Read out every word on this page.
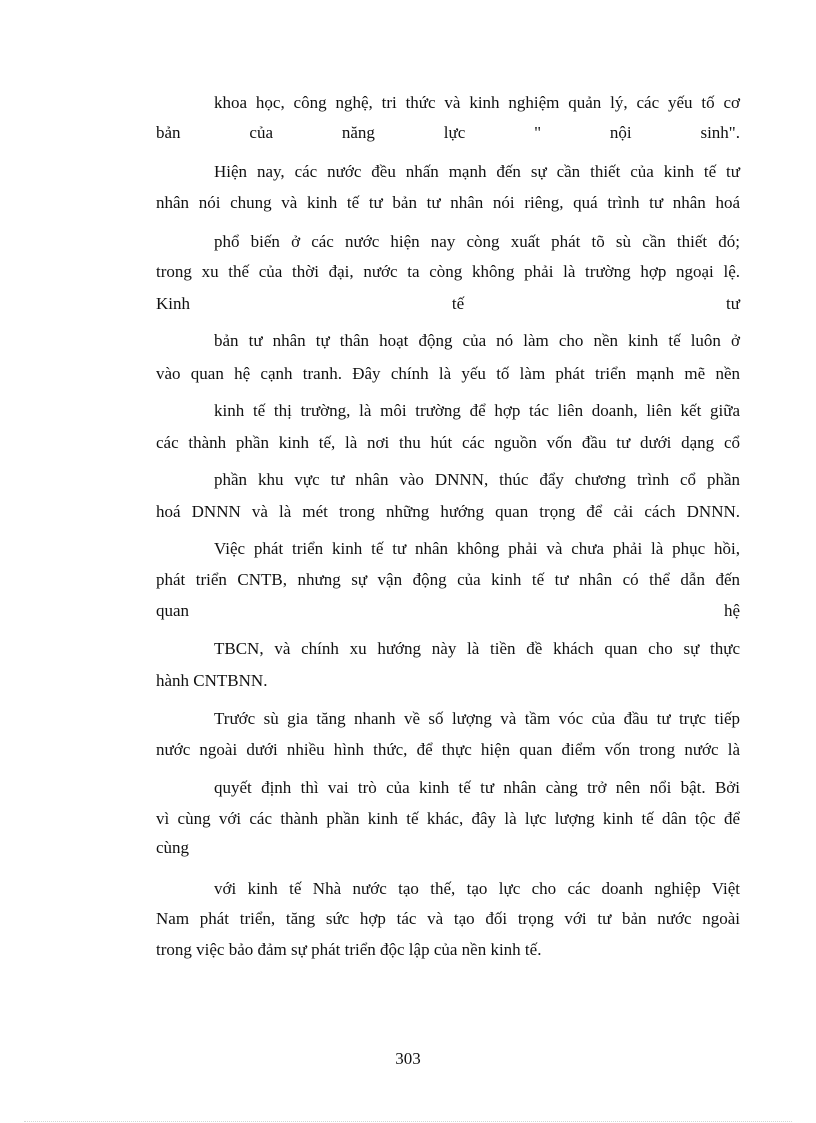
khoa học, công nghệ, tri thức và kinh nghiệm quản lý, các yếu tố cơ
bản của năng lực " nội sinh".
Hiện nay, các nước đều nhấn mạnh đến sự cần thiết của kinh tế tư
nhân nói chung và kinh tế tư bản tư nhân nói riêng, quá trình tư nhân hoá
phổ biến ở các nước hiện nay còng xuất phát tõ sù cần thiết đó;
trong xu thế của thời đại, nước ta còng không phải là trường hợp ngoại lệ.
Kinh tế tư
bản tư nhân tự thân hoạt động của nó làm cho nền kinh tế luôn ở
vào quan hệ cạnh tranh. Đây chính là yếu tố làm phát triển mạnh mẽ nền
kinh tế thị trường, là môi trường để hợp tác liên doanh, liên kết giữa
các thành phần kinh tế, là nơi thu hút các nguồn vốn đầu tư dưới dạng cổ
phần khu vực tư nhân vào DNNN, thúc đẩy chương trình cổ phần
hoá DNNN và là mét trong những hướng quan trọng để cải cách DNNN.
Việc phát triển kinh tế tư nhân không phải và chưa phải là phục hồi,
phát triển CNTB, nhưng sự vận động của kinh tế tư nhân có thể dẫn đến
quan hệ
TBCN, và chính xu hướng này là tiền đề khách quan cho sự thực
hành CNTBNN.
Trước sù gia tăng nhanh về số lượng và tầm vóc của đầu tư trực tiếp
nước ngoài dưới nhiều hình thức, để thực hiện quan điểm vốn trong nước là
quyết định thì vai trò của kinh tế tư nhân càng trở nên nổi bật. Bởi
vì cùng với các thành phần kinh tế khác, đây là lực lượng kinh tế dân tộc để
cùng
với kinh tế Nhà nước tạo thế, tạo lực cho các doanh nghiệp Việt
Nam phát triển, tăng sức hợp tác và tạo đối trọng với tư bản nước ngoài
trong việc bảo đảm sự phát triển độc lập của nền kinh tế.
303
